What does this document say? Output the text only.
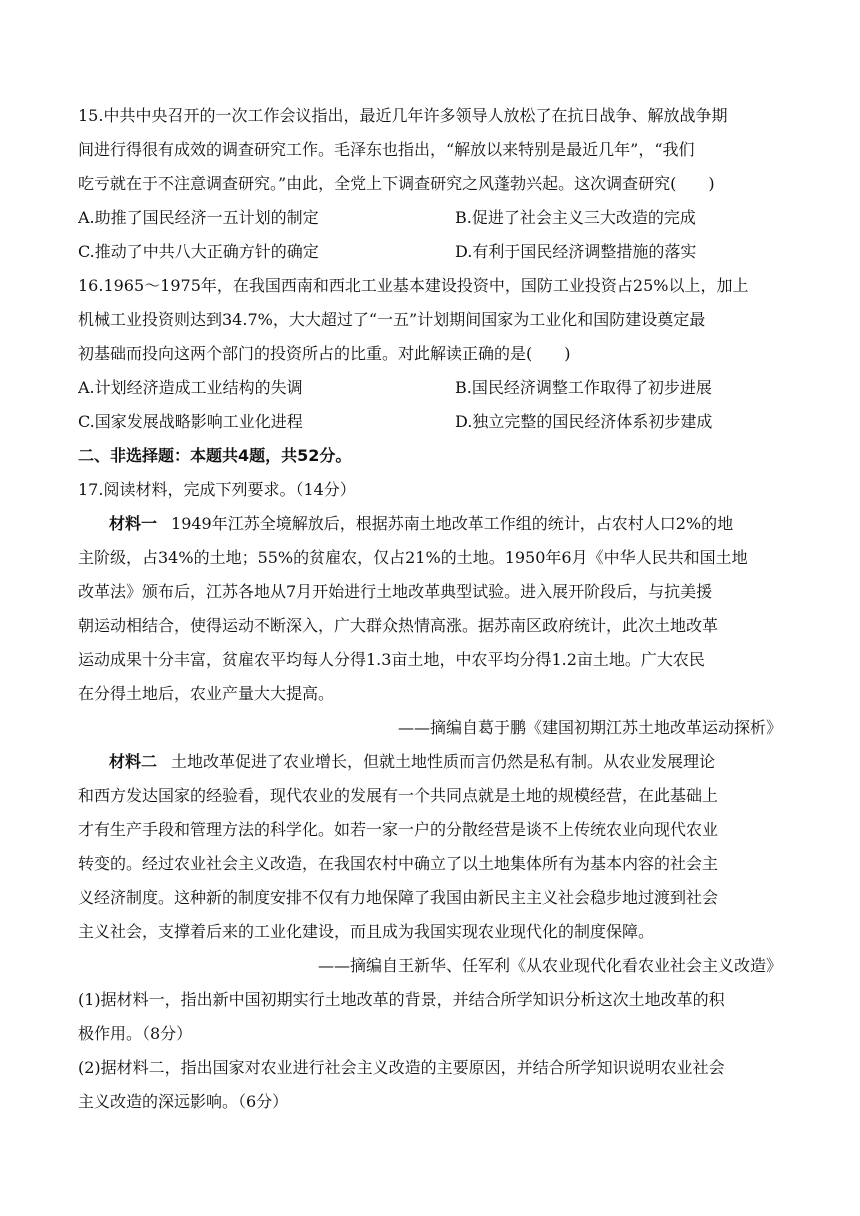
15.中共中央召开的一次工作会议指出，最近几年许多领导人放松了在抗日战争、解放战争期
间进行得很有成效的调查研究工作。毛泽东也指出，“解放以来特别是最近几年”，“我们
吃亏就在于不注意调查研究。”由此，全党上下调查研究之风蓬勃兴起。这次调查研究(　　)
A.助推了国民经济一五计划的制定	B.促进了社会主义三大改造的完成
C.推动了中共八大正确方针的确定	D.有利于国民经济调整措施的落实
16.1965～1975年，在我国西南和西北工业基本建设投资中，国防工业投资占25%以上，加上
机械工业投资则达到34.7%，大大超过了“一五”计划期间国家为工业化和国防建设奠定最
初基础而投向这两个部门的投资所占的比重。对此解读正确的是(　　)
A.计划经济造成工业结构的失调	B.国民经济调整工作取得了初步进展
C.国家发展战略影响工业化进程	D.独立完整的国民经济体系初步建成
二、非选择题：本题共4题，共52分。
17.阅读材料，完成下列要求。（14分）
材料一 1949年江苏全境解放后，根据苏南土地改革工作组的统计，占农村人口2%的地
主阶级，占34%的土地；55%的贫雇农，仅占21%的土地。1950年6月《中华人民共和国土地
改革法》颁布后，江苏各地从7月开始进行土地改革典型试验。进入展开阶段后，与抗美援
朝运动相结合，使得运动不断深入，广大群众热情高涨。据苏南区政府统计，此次土地改革
运动成果十分丰富，贫雇农平均每人分得1.3亩土地，中农平均分得1.2亩土地。广大农民
在分得土地后，农业产量大大提高。
——摘编自葛于鹏《建国初期江苏土地改革运动探析》
材料二 土地改革促进了农业增长，但就土地性质而言仍然是私有制。从农业发展理论
和西方发达国家的经验看，现代农业的发展有一个共同点就是土地的规模经营，在此基础上
才有生产手段和管理方法的科学化。如若一家一户的分散经营是谈不上传统农业向现代农业
转变的。经过农业社会主义改造，在我国农村中确立了以土地集体所有为基本内容的社会主
义经济制度。这种新的制度安排不仅有力地保障了我国由新民主主义社会稳步地过渡到社会
主义社会，支撑着后来的工业化建设，而且成为我国实现农业现代化的制度保障。
——摘编自王新华、任军利《从农业现代化看农业社会主义改造》
(1)据材料一，指出新中国初期实行土地改革的背景，并结合所学知识分析这次土地改革的积
极作用。（8分）
(2)据材料二，指出国家对农业进行社会主义改造的主要原因，并结合所学知识说明农业社会
主义改造的深远影响。（6分）
